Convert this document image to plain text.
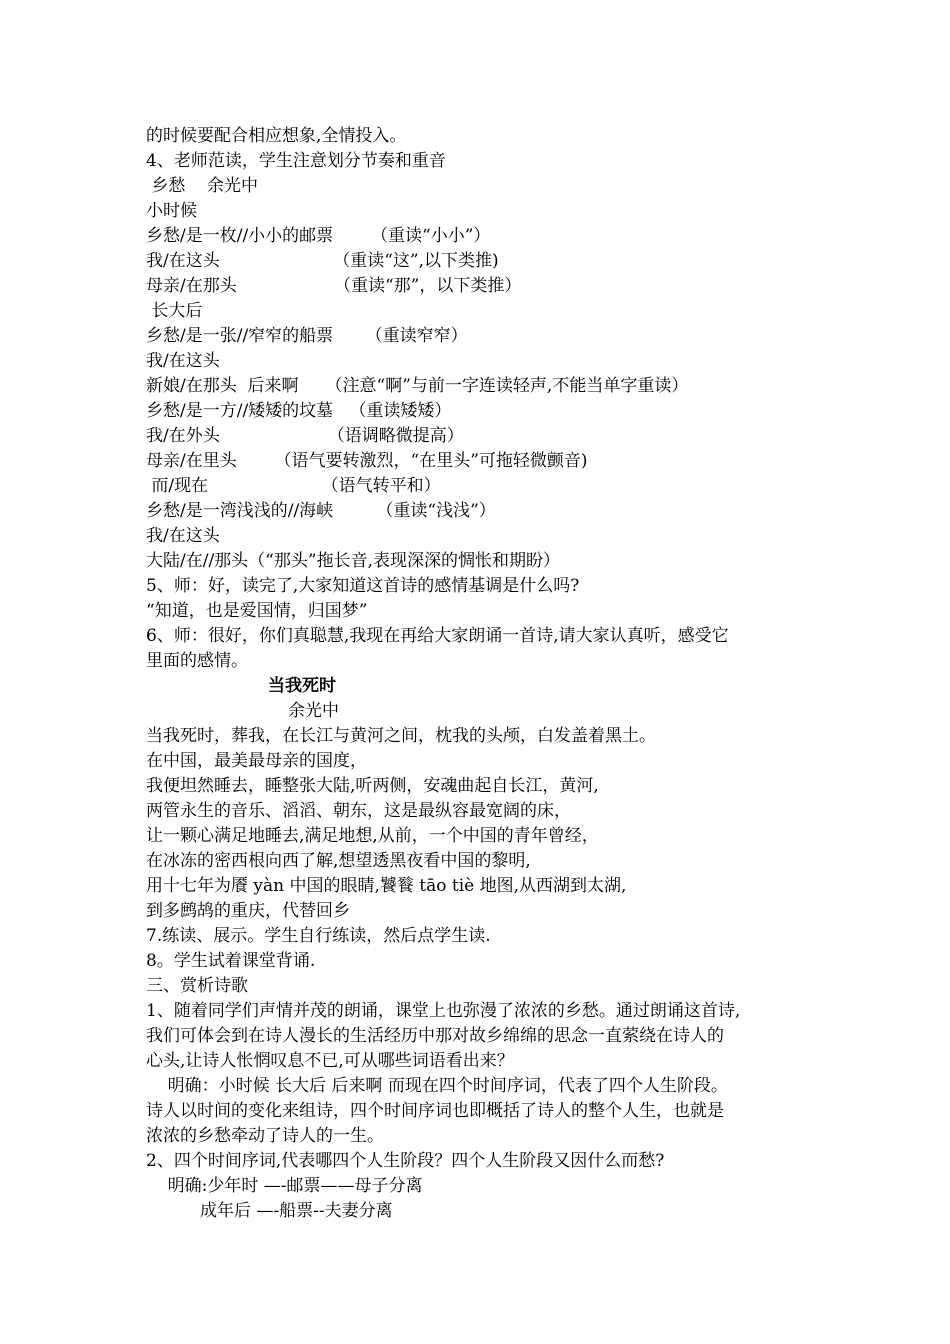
的时候要配合相应想象,全情投入。
4、老师范读，学生注意划分节奏和重音
乡愁    余光中
小时候
乡愁/是一枚//小小的邮票       （重读“小小”）
我/在这头                     （重读“这”,以下类推)
母亲/在那头                  （重读“那”，以下类推）
长大后
乡愁/是一张//窄窄的船票      （重读窄窄）
我/在这头
新娘/在那头  后来啊     （注意“啊”与前一字连读轻声,不能当单字重读）
乡愁/是一方//矮矮的坟墓   （重读矮矮）
我/在外头                    （语调略微提高）
母亲/在里头       （语气要转激烈，“在里头”可拖轻微颤音)
而/现在                     （语气转平和）
乡愁/是一湾浅浅的//海峡        （重读“浅浅”）
我/在这头
大陆/在//那头（“那头”拖长音,表现深深的惆怅和期盼）
5、师：好，读完了,大家知道这首诗的感情基调是什么吗?
“知道，也是爱国情，归国梦”
6、师：很好，你们真聪慧,我现在再给大家朗诵一首诗,请大家认真听，感受它
里面的感情。
当我死时
余光中
当我死时，葬我，在长江与黄河之间，枕我的头颅，白发盖着黑土。
在中国，最美最母亲的国度，
我便坦然睡去，睡整张大陆,听两侧，安魂曲起自长江，黄河,
两管永生的音乐、滔滔、朝东，这是最纵容最宽阔的床，
让一颗心满足地睡去,满足地想,从前，一个中国的青年曾经，
在冰冻的密西根向西了解,想望透黑夜看中国的黎明,
用十七年为餍 yàn 中国的眼睛,饕餮 tāo tiè 地图,从西湖到太湖,
到多鹧鸪的重庆，代替回乡
7.练读、展示。学生自行练读，然后点学生读.
8。学生试着课堂背诵.
三、赏析诗歌
1、随着同学们声情并茂的朗诵，课堂上也弥漫了浓浓的乡愁。通过朗诵这首诗,
我们可体会到在诗人漫长的生活经历中那对故乡绵绵的思念一直萦绕在诗人的
心头,让诗人怅惘叹息不已,可从哪些词语看出来？
明确：小时候 长大后 后来啊 而现在四个时间序词，代表了四个人生阶段。
诗人以时间的变化来组诗，四个时间序词也即概括了诗人的整个人生，也就是
浓浓的乡愁牵动了诗人的一生。
2、四个时间序词,代表哪四个人生阶段？四个人生阶段又因什么而愁?
明确:少年时 —-邮票——母子分离
成年后 —-船票--夫妻分离
